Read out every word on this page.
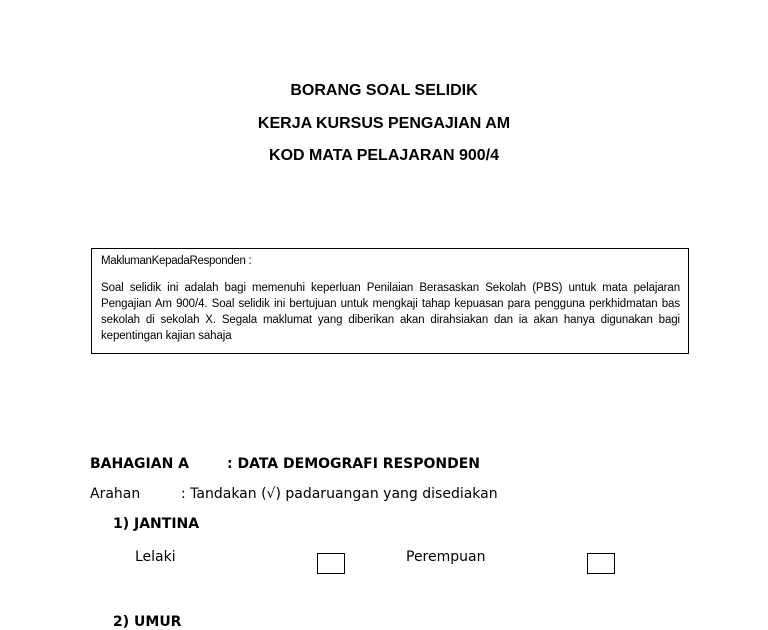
BORANG SOAL SELIDIK
KERJA KURSUS PENGAJIAN AM
KOD MATA PELAJARAN 900/4

MaklumanKepadaResponden :

Soal selidik ini adalah bagi memenuhi keperluan Penilaian Berasaskan Sekolah (PBS) untuk mata pelajaran Pengajian Am 900/4. Soal selidik ini bertujuan untuk mengkaji tahap kepuasan para pengguna perkhidmatan bas sekolah di sekolah X. Segala maklumat yang diberikan akan dirahsiakan dan ia akan hanya digunakan bagi kepentingan kajian sahaja

BAHAGIAN A	: DATA DEMOGRAFI RESPONDEN
Arahan	: Tandakan (√) padaruangan yang disediakan
1) JANTINA
Lelaki	Perempuan
2) UMUR
